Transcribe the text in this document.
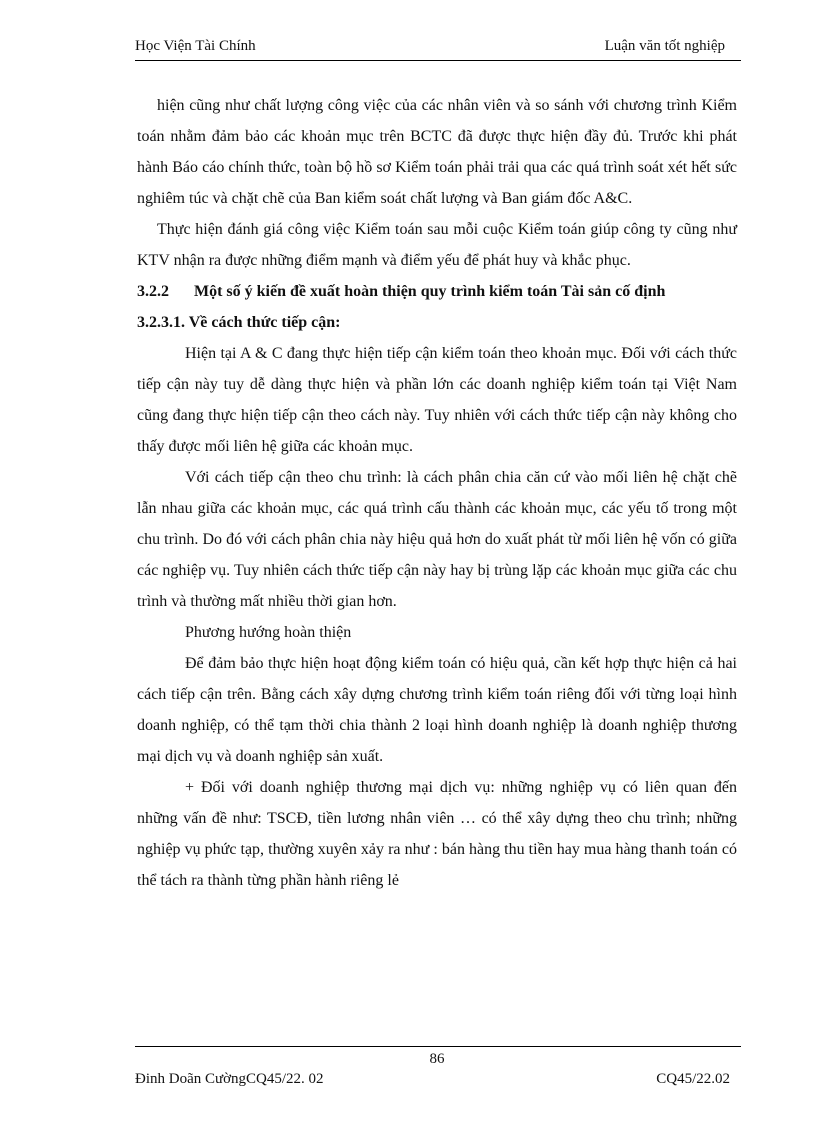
Học Viện Tài Chính	Luận văn tốt nghiệp

hiện cũng như chất lượng công việc của các nhân viên và so sánh với chương trình Kiểm toán nhằm đảm bảo các khoản mục trên BCTC đã được thực hiện đầy đủ. Trước khi phát hành Báo cáo chính thức, toàn bộ hồ sơ Kiểm toán phải trải qua các quá trình soát xét hết sức nghiêm túc và chặt chẽ của Ban kiểm soát chất lượng và Ban giám đốc A&C.

Thực hiện đánh giá công việc Kiểm toán sau mỗi cuộc Kiểm toán giúp công ty cũng như KTV nhận ra được những điểm mạnh và điểm yếu để phát huy và khắc phục.

3.2.2 Một số ý kiến đề xuất hoàn thiện quy trình kiểm toán Tài sản cố định

3.2.3.1. Về cách thức tiếp cận:

Hiện tại A & C đang thực hiện tiếp cận kiểm toán theo khoản mục. Đối với cách thức tiếp cận này tuy dễ dàng thực hiện và phần lớn các doanh nghiệp kiểm toán tại Việt Nam cũng đang thực hiện tiếp cận theo cách này. Tuy nhiên với cách thức tiếp cận này không cho thấy được mối liên hệ giữa các khoản mục.

Với cách tiếp cận theo chu trình: là cách phân chia căn cứ vào mối liên hệ chặt chẽ lẫn nhau giữa các khoản mục, các quá trình cấu thành các khoản mục, các yếu tố trong một chu trình. Do đó với cách phân chia này hiệu quả hơn do xuất phát từ mối liên hệ vốn có giữa các nghiệp vụ. Tuy nhiên cách thức tiếp cận này hay bị trùng lặp các khoản mục giữa các chu trình và thường mất nhiều thời gian hơn.

Phương hướng hoàn thiện

Để đảm bảo thực hiện hoạt động kiểm toán có hiệu quả, cần kết hợp thực hiện cả hai cách tiếp cận trên. Bằng cách xây dựng chương trình kiểm toán riêng đối với từng loại hình doanh nghiệp, có thể tạm thời chia thành 2 loại hình doanh nghiệp là doanh nghiệp thương mại dịch vụ và doanh nghiệp sản xuất.

+ Đối với doanh nghiệp thương mại dịch vụ: những nghiệp vụ có liên quan đến những vấn đề như: TSCĐ, tiền lương nhân viên … có thể xây dựng theo chu trình; những nghiệp vụ phức tạp, thường xuyên xảy ra như : bán hàng thu tiền hay mua hàng thanh toán có thể tách ra thành từng phần hành riêng lẻ

86
Đinh Doãn CườngCQ45/22. 02	CQ45/22.02
